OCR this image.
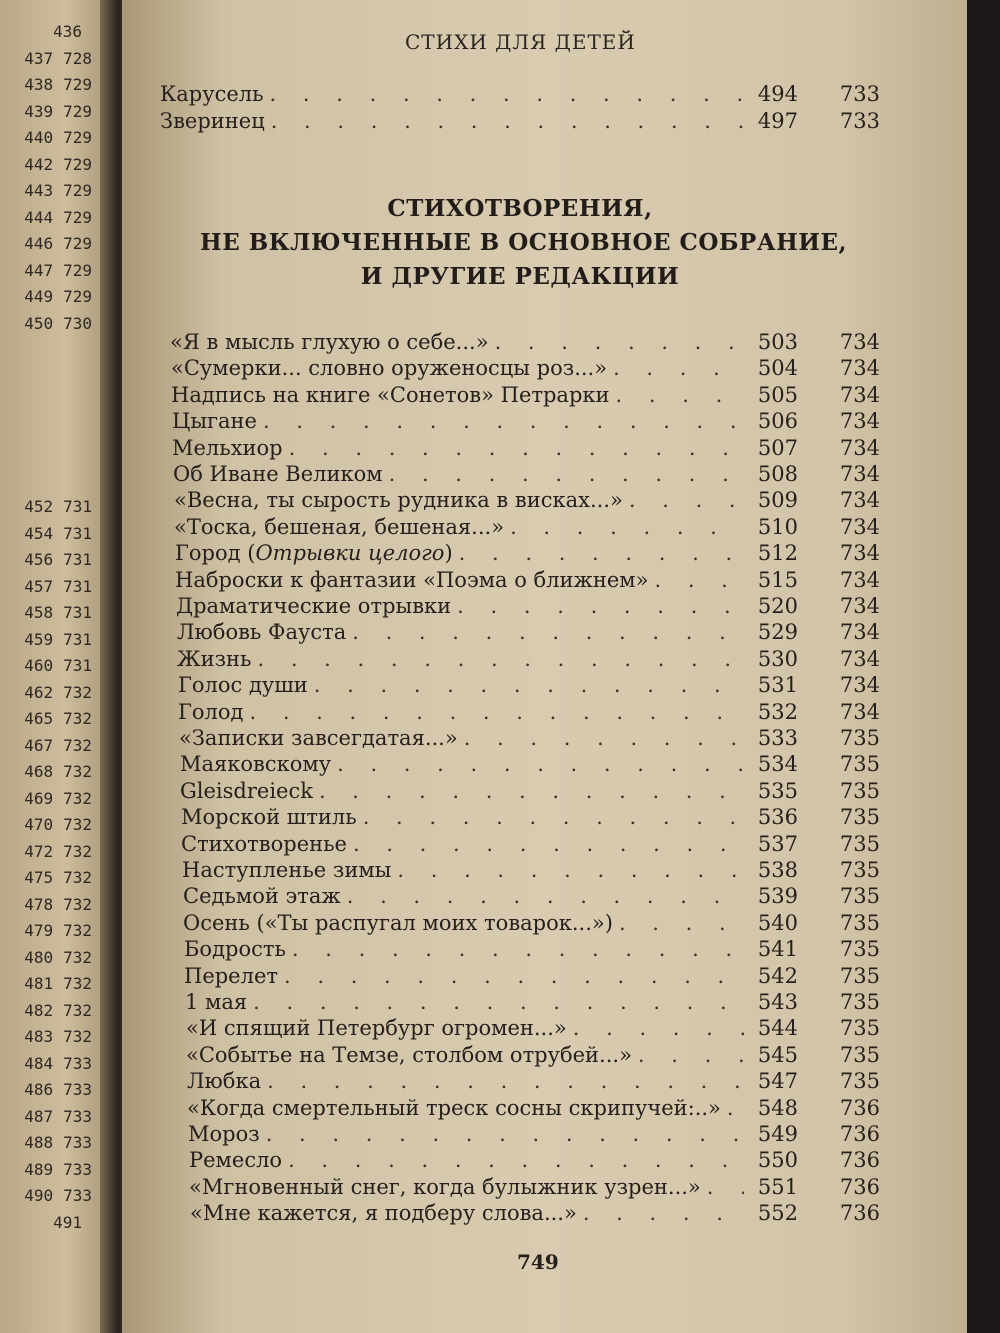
436
437 728
438 729
439 729
440 729
442 729
443 729
444 729
446 729
447 729
449 729
450 730
452 731
454 731
456 731
457 731
458 731
459 731
460 731
462 732
465 732
467 732
468 732
469 732
470 732
472 732
475 732
478 732
479 732
480 732
481 732
482 732
483 732
484 733
486 733
487 733
488 733
489 733
490 733
491
СТИХИ ДЛЯ ДЕТЕЙ
Карусель . . .	494	733
Зверинец . . .	497	733
СТИХОТВОРЕНИЯ,
НЕ ВКЛЮЧЕННЫЕ В ОСНОВНОЕ СОБРАНИЕ,
И ДРУГИЕ РЕДАКЦИИ
«Я в мысль глухую о себе...» . . .	503	734
«Сумерки... словно оруженосцы роз...» . . .	504	734
Надпись на книге «Сонетов» Петрарки . . .	505	734
Цыгане . . .	506	734
Мельхиор . . .	507	734
Об Иване Великом . . .	508	734
«Весна, ты сырость рудника в висках...» . . .	509	734
«Тоска, бешеная, бешеная...» . . .	510	734
Город (Отрывки целого) . . .	512	734
Наброски к фантазии «Поэма о ближнем» . . .	515	734
Драматические отрывки . . .	520	734
Любовь Фауста . . .	529	734
Жизнь . . .	530	734
Голос души . . .	531	734
Голод . . .	532	734
«Записки завсегдатая...» . . .	533	735
Маяковскому . . .	534	735
Gleisdreieck . . .	535	735
Морской штиль . . .	536	735
Стихотворенье . . .	537	735
Наступленье зимы . . .	538	735
Седьмой этаж . . .	539	735
Осень («Ты распугал моих товарок...») . . .	540	735
Бодрость . . .	541	735
Перелет . . .	542	735
1 мая . . .	543	735
«И спящий Петербург огромен...» . . .	544	735
«Событье на Темзе, столбом отрубей...» . . .	545	735
Любка . . .	547	735
«Когда смертельный треск сосны скрипучей:..» . . .	548	736
Мороз . . .	549	736
Ремесло . . .	550	736
«Мгновенный снег, когда булыжник узрен...» . . .	551	736
«Мне кажется, я подберу слова...» . . .	552	736
749
